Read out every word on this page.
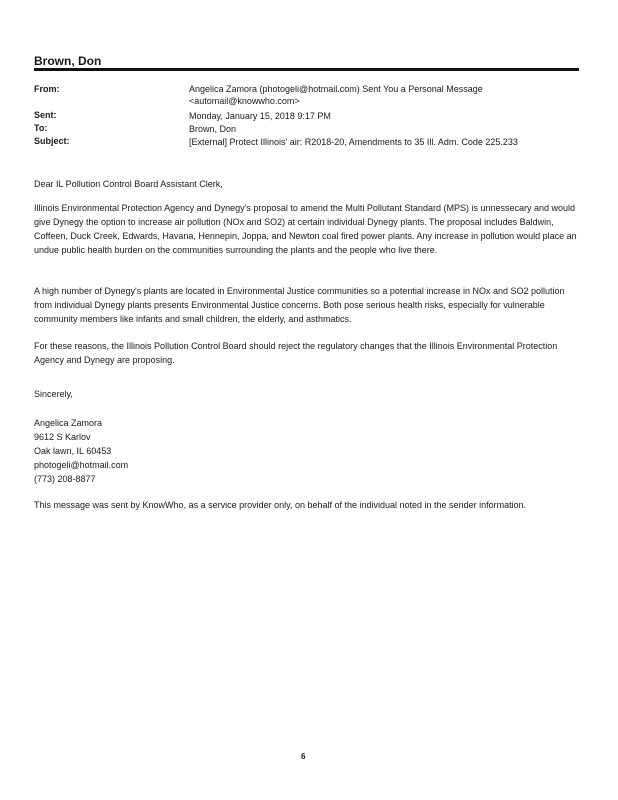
Brown, Don
From:	Angelica Zamora (photogeli@hotmail.com) Sent You a Personal Message <automail@knowwho.com>
Sent:	Monday, January 15, 2018 9:17 PM
To:	Brown, Don
Subject:	[External] Protect Illinois' air: R2018-20, Amendments to 35 Ill. Adm. Code 225.233
Dear IL Pollution Control Board Assistant Clerk,

Illinois Environmental Protection Agency and Dynegy's proposal to amend the Multi Pollutant Standard (MPS) is unnessecary and would give Dynegy the option to increase air pollution (NOx and SO2) at certain individual Dynegy plants. The proposal includes Baldwin, Coffeen, Duck Creek, Edwards, Havana, Hennepin, Joppa, and Newton coal fired power plants. Any increase in pollution would place an undue public health burden on the communities surrounding the plants and the people who live there.

A high number of Dynegy's plants are located in Environmental Justice communities so a potential increase in NOx and SO2 pollution from individual Dynegy plants presents Environmental Justice concerns. Both pose serious health risks, especially for vulnerable community members like infants and small children, the elderly, and asthmatics.

For these reasons, the Illinois Pollution Control Board should reject the regulatory changes that the Illinois Environmental Protection Agency and Dynegy are proposing.

Sincerely,
Angelica Zamora
9612 S Karlov
Oak lawn, IL 60453
photogeli@hotmail.com
(773) 208-8877
This message was sent by KnowWho, as a service provider only, on behalf of the individual noted in the sender information.
6
